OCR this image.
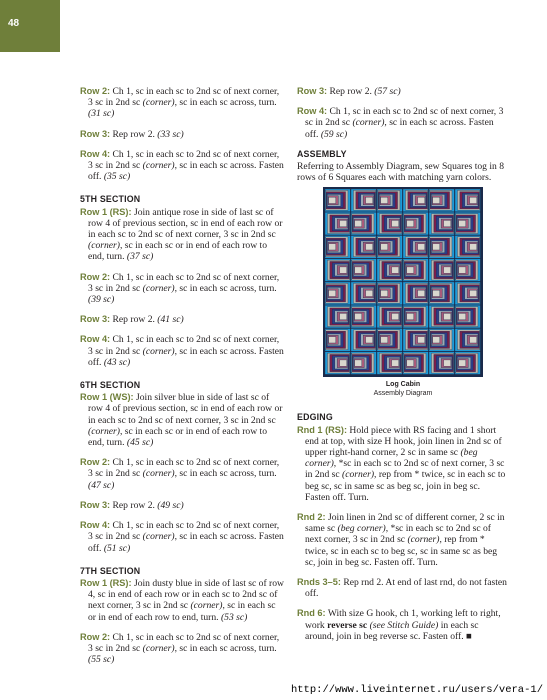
48

Row 2: Ch 1, sc in each sc to 2nd sc of next corner, 3 sc in 2nd sc (corner), sc in each sc across, turn. (31 sc)

Row 3: Rep row 2. (33 sc)

Row 4: Ch 1, sc in each sc to 2nd sc of next corner, 3 sc in 2nd sc (corner), sc in each sc across. Fasten off. (35 sc)

5TH SECTION

Row 1 (RS): Join antique rose in side of last sc of row 4 of previous section, sc in end of each row or in each sc to 2nd sc of next corner, 3 sc in 2nd sc (corner), sc in each sc or in end of each row to end, turn. (37 sc)

Row 2: Ch 1, sc in each sc to 2nd sc of next corner, 3 sc in 2nd sc (corner), sc in each sc across, turn. (39 sc)

Row 3: Rep row 2. (41 sc)

Row 4: Ch 1, sc in each sc to 2nd sc of next corner, 3 sc in 2nd sc (corner), sc in each sc across. Fasten off. (43 sc)

6TH SECTION

Row 1 (WS): Join silver blue in side of last sc of row 4 of previous section, sc in end of each row or in each sc to 2nd sc of next corner, 3 sc in 2nd sc (corner), sc in each sc or in end of each row to end, turn. (45 sc)

Row 2: Ch 1, sc in each sc to 2nd sc of next corner, 3 sc in 2nd sc (corner), sc in each sc across, turn. (47 sc)

Row 3: Rep row 2. (49 sc)

Row 4: Ch 1, sc in each sc to 2nd sc of next corner, 3 sc in 2nd sc (corner), sc in each sc across. Fasten off. (51 sc)

7TH SECTION

Row 1 (RS): Join dusty blue in side of last sc of row 4, sc in end of each row or in each sc to 2nd sc of next corner, 3 sc in 2nd sc (corner), sc in each sc or in end of each row to end, turn. (53 sc)

Row 2: Ch 1, sc in each sc to 2nd sc of next corner, 3 sc in 2nd sc (corner), sc in each sc across, turn. (55 sc)

Row 3: Rep row 2. (57 sc)

Row 4: Ch 1, sc in each sc to 2nd sc of next corner, 3 sc in 2nd sc (corner), sc in each sc across. Fasten off. (59 sc)

ASSEMBLY

Referring to Assembly Diagram, sew Squares tog in 8 rows of 6 Squares each with matching yarn colors.

Log Cabin
Assembly Diagram
EDGING

Rnd 1 (RS): Hold piece with RS facing and 1 short end at top, with size H hook, join linen in 2nd sc of upper right-hand corner, 2 sc in same sc (beg corner), *sc in each sc to 2nd sc of next corner, 3 sc in 2nd sc (corner), rep from * twice, sc in each sc to beg sc, sc in same sc as beg sc, join in beg sc. Fasten off. Turn.

Rnd 2: Join linen in 2nd sc of different corner, 2 sc in same sc (beg corner), *sc in each sc to 2nd sc of next corner, 3 sc in 2nd sc (corner), rep from * twice, sc in each sc to beg sc, sc in same sc as beg sc, join in beg sc. Fasten off. Turn.

Rnds 3–5: Rep rnd 2. At end of last rnd, do not fasten off.

Rnd 6: With size G hook, ch 1, working left to right, work reverse sc (see Stitch Guide) in each sc around, join in beg reverse sc. Fasten off. ■

http://www.liveinternet.ru/users/vera-1/
